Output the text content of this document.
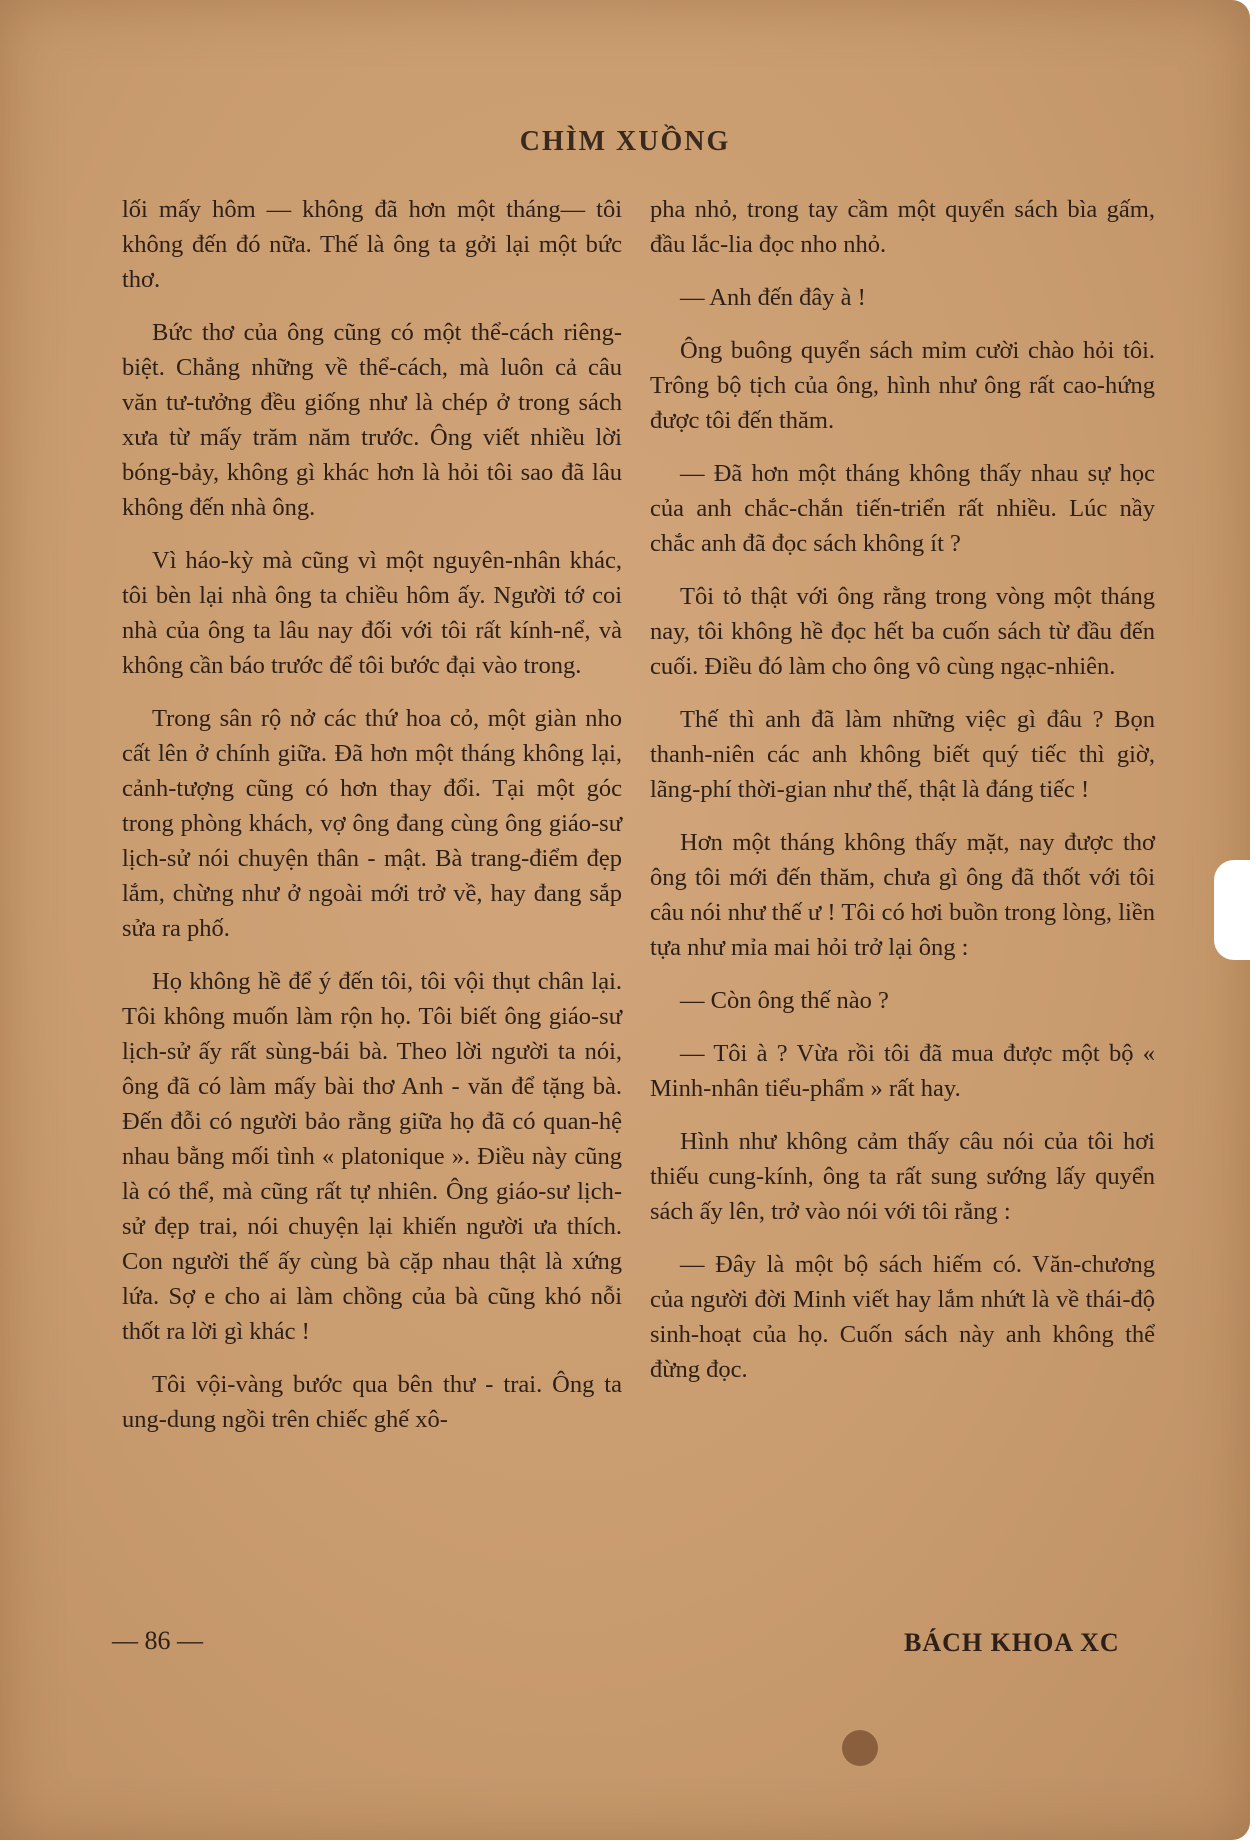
CHÌM XUỒNG

lối mấy hôm — không đã hơn một tháng— tôi không đến đó nữa. Thế là ông ta gởi lại một bức thơ.

Bức thơ của ông cũng có một thể-cách riêng-biệt. Chẳng những về thể-cách, mà luôn cả câu văn tư-tưởng đều giống như là chép ở trong sách xưa từ mấy trăm năm trước. Ông viết nhiều lời bóng-bảy, không gì khác hơn là hỏi tôi sao đã lâu không đến nhà ông.

Vì háo-kỳ mà cũng vì một nguyên-nhân khác, tôi bèn lại nhà ông ta chiều hôm ấy. Người tớ coi nhà của ông ta lâu nay đối với tôi rất kính-nể, và không cần báo trước để tôi bước đại vào trong.

Trong sân rộ nở các thứ hoa cỏ, một giàn nho cất lên ở chính giữa. Đã hơn một tháng không lại, cảnh-tượng cũng có hơn thay đổi. Tại một góc trong phòng khách, vợ ông đang cùng ông giáo-sư lịch-sử nói chuyện thân - mật. Bà trang-điểm đẹp lắm, chừng như ở ngoài mới trở về, hay đang sắp sửa ra phố.

Họ không hề để ý đến tôi, tôi vội thụt chân lại. Tôi không muốn làm rộn họ. Tôi biết ông giáo-sư lịch-sử ấy rất sùng-bái bà. Theo lời người ta nói, ông đã có làm mấy bài thơ Anh - văn để tặng bà. Đến đỗi có người bảo rằng giữa họ đã có quan-hệ nhau bằng mối tình « platonique ». Điều này cũng là có thể, mà cũng rất tự nhiên. Ông giáo-sư lịch-sử đẹp trai, nói chuyện lại khiến người ưa thích. Con người thế ấy cùng bà cặp nhau thật là xứng lứa. Sợ e cho ai làm chồng của bà cũng khó nỗi thốt ra lời gì khác !

Tôi vội-vàng bước qua bên thư - trai. Ông ta ung-dung ngồi trên chiếc ghế xô-

pha nhỏ, trong tay cầm một quyển sách bìa gấm, đầu lắc-lia đọc nho nhỏ.

— Anh đến đây à !

Ông buông quyển sách mỉm cười chào hỏi tôi. Trông bộ tịch của ông, hình như ông rất cao-hứng được tôi đến thăm.

— Đã hơn một tháng không thấy nhau sự học của anh chắc-chắn tiến-triển rất nhiều. Lúc nầy chắc anh đã đọc sách không ít ?

Tôi tỏ thật với ông rằng trong vòng một tháng nay, tôi không hề đọc hết ba cuốn sách từ đầu đến cuối. Điều đó làm cho ông vô cùng ngạc-nhiên.

Thế thì anh đã làm những việc gì đâu ? Bọn thanh-niên các anh không biết quý tiếc thì giờ, lãng-phí thời-gian như thế, thật là đáng tiếc !

Hơn một tháng không thấy mặt, nay được thơ ông tôi mới đến thăm, chưa gì ông đã thốt với tôi câu nói như thế ư ! Tôi có hơi buồn trong lòng, liền tựa như mỉa mai hỏi trở lại ông :

— Còn ông thế nào ?

— Tôi à ? Vừa rồi tôi đã mua được một bộ « Minh-nhân tiểu-phẩm » rất hay.

Hình như không cảm thấy câu nói của tôi hơi thiếu cung-kính, ông ta rất sung sướng lấy quyển sách ấy lên, trở vào nói với tôi rằng :

— Đây là một bộ sách hiếm có. Văn-chương của người đời Minh viết hay lắm nhứt là về thái-độ sinh-hoạt của họ. Cuốn sách này anh không thể đừng đọc.

— 86 —	BÁCH KHOA XC
